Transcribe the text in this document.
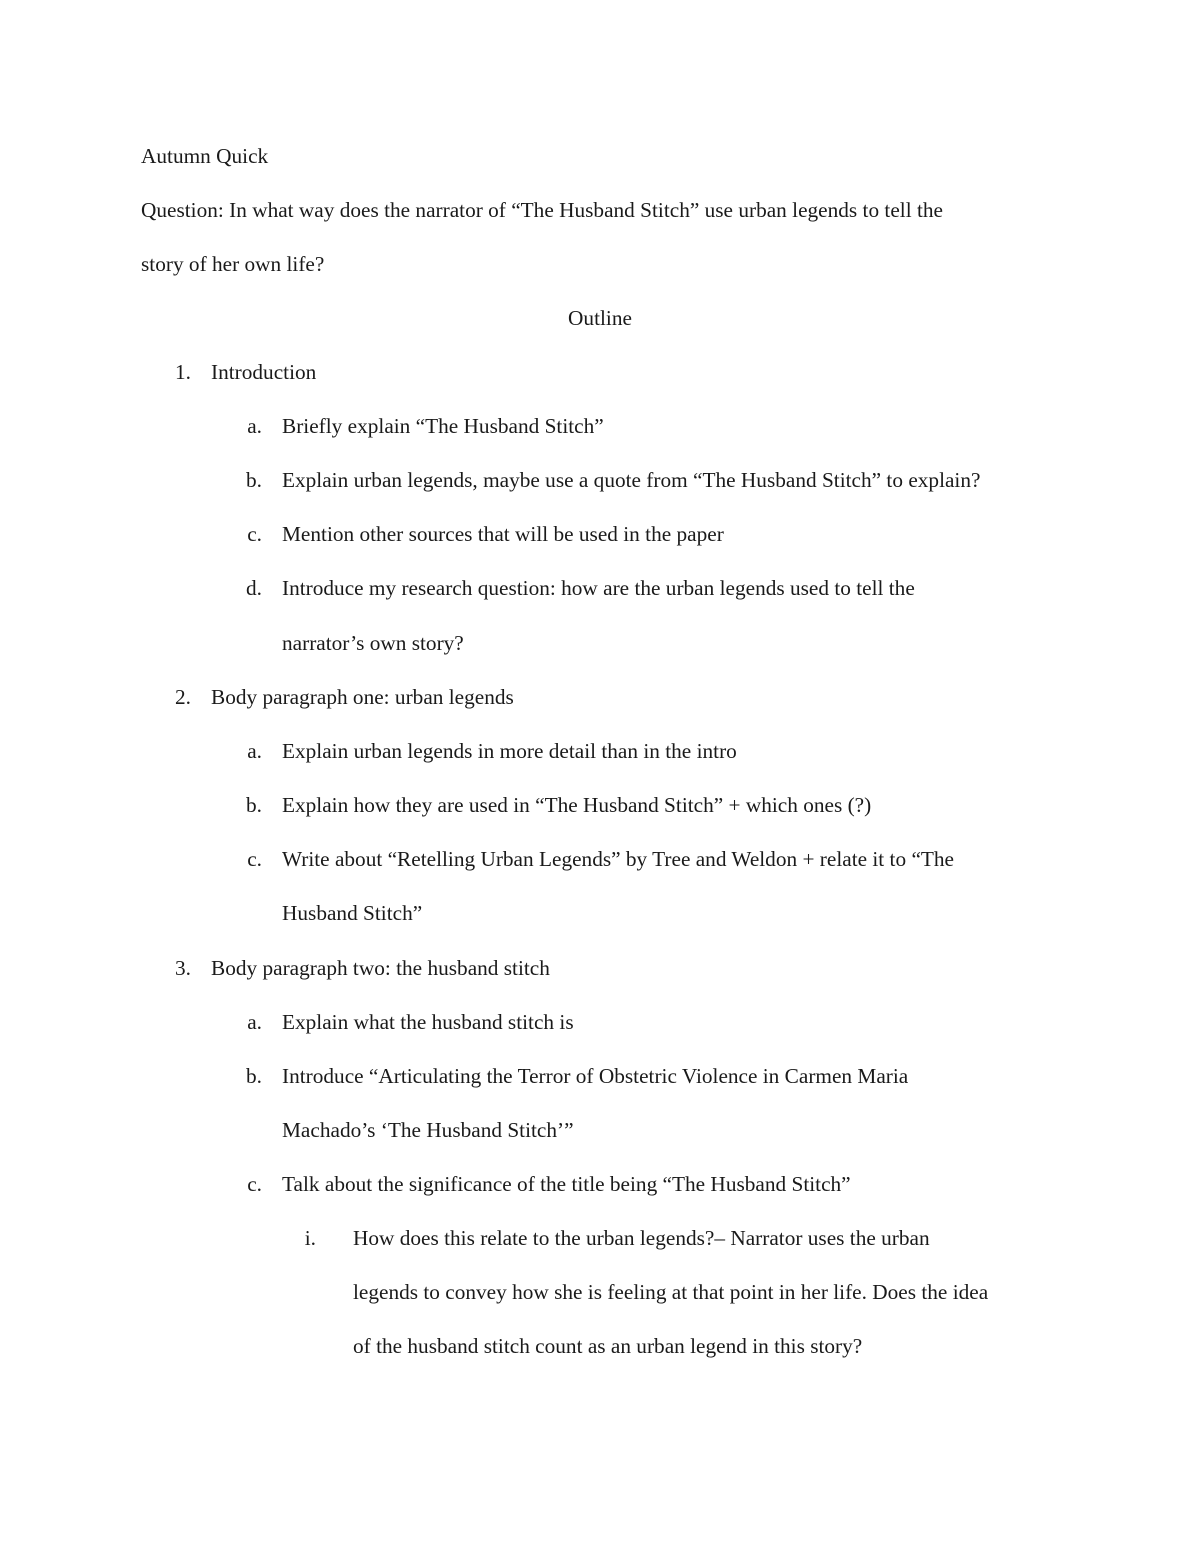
Autumn Quick
Question: In what way does the narrator of “The Husband Stitch” use urban legends to tell the
story of her own life?
Outline
1. Introduction
a. Briefly explain “The Husband Stitch”
b. Explain urban legends, maybe use a quote from “The Husband Stitch” to explain?
c. Mention other sources that will be used in the paper
d. Introduce my research question: how are the urban legends used to tell the
narrator’s own story?
2. Body paragraph one: urban legends
a. Explain urban legends in more detail than in the intro
b. Explain how they are used in “The Husband Stitch” + which ones (?)
c. Write about “Retelling Urban Legends” by Tree and Weldon + relate it to “The
Husband Stitch”
3. Body paragraph two: the husband stitch
a. Explain what the husband stitch is
b. Introduce “Articulating the Terror of Obstetric Violence in Carmen Maria
Machado’s ‘The Husband Stitch’”
c. Talk about the significance of the title being “The Husband Stitch”
i. How does this relate to the urban legends?– Narrator uses the urban
legends to convey how she is feeling at that point in her life. Does the idea
of the husband stitch count as an urban legend in this story?
